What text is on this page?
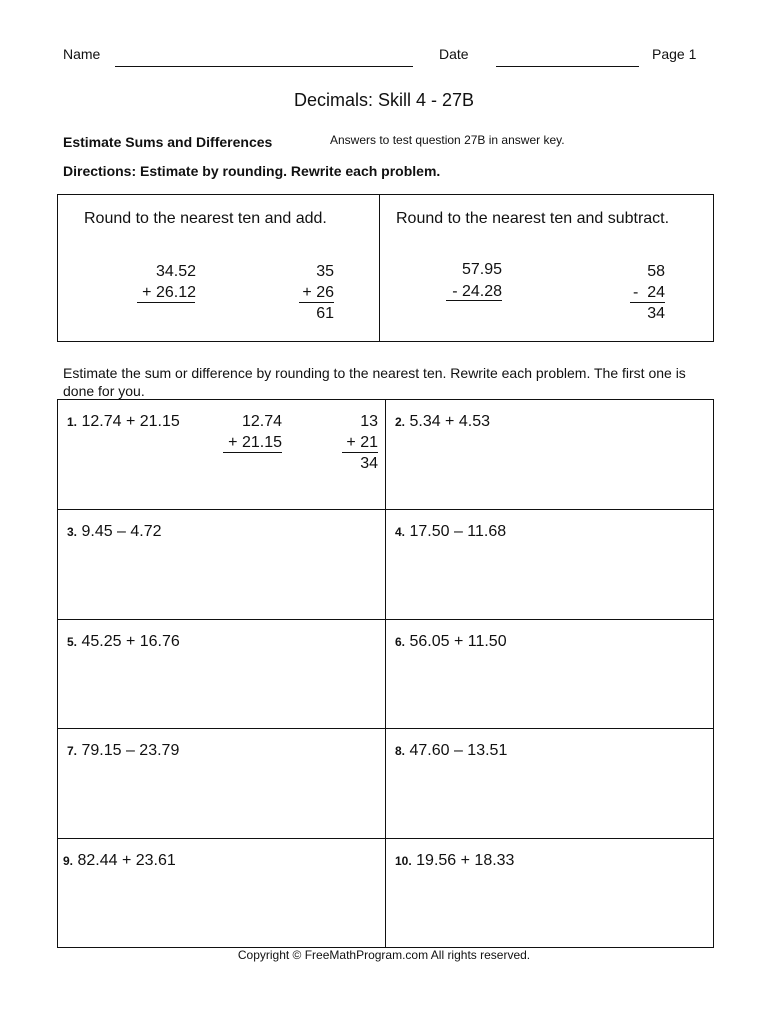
Name	Date	Page 1
Decimals: Skill 4 - 27B
Estimate Sums and Differences	Answers to test question 27B in answer key.
Directions: Estimate by rounding. Rewrite each problem.
Round to the nearest ten and add.
34.52
+ 26.12
35
+ 26
61
Round to the nearest ten and subtract.
57.95
- 24.28
58
-  24
34
Estimate the sum or difference by rounding to the nearest ten. Rewrite each problem. The first one is done for you.
1. 12.74 + 21.15	2. 5.34 + 4.53
3. 9.45 – 4.72	4. 17.50 – 11.68
5. 45.25 + 16.76	6. 56.05 + 11.50
7. 79.15 – 23.79	8. 47.60 – 13.51
9. 82.44 + 23.61	10. 19.56 + 18.33
12.74
+ 21.15
13
+ 21
34
Copyright © FreeMathProgram.com All rights reserved.
